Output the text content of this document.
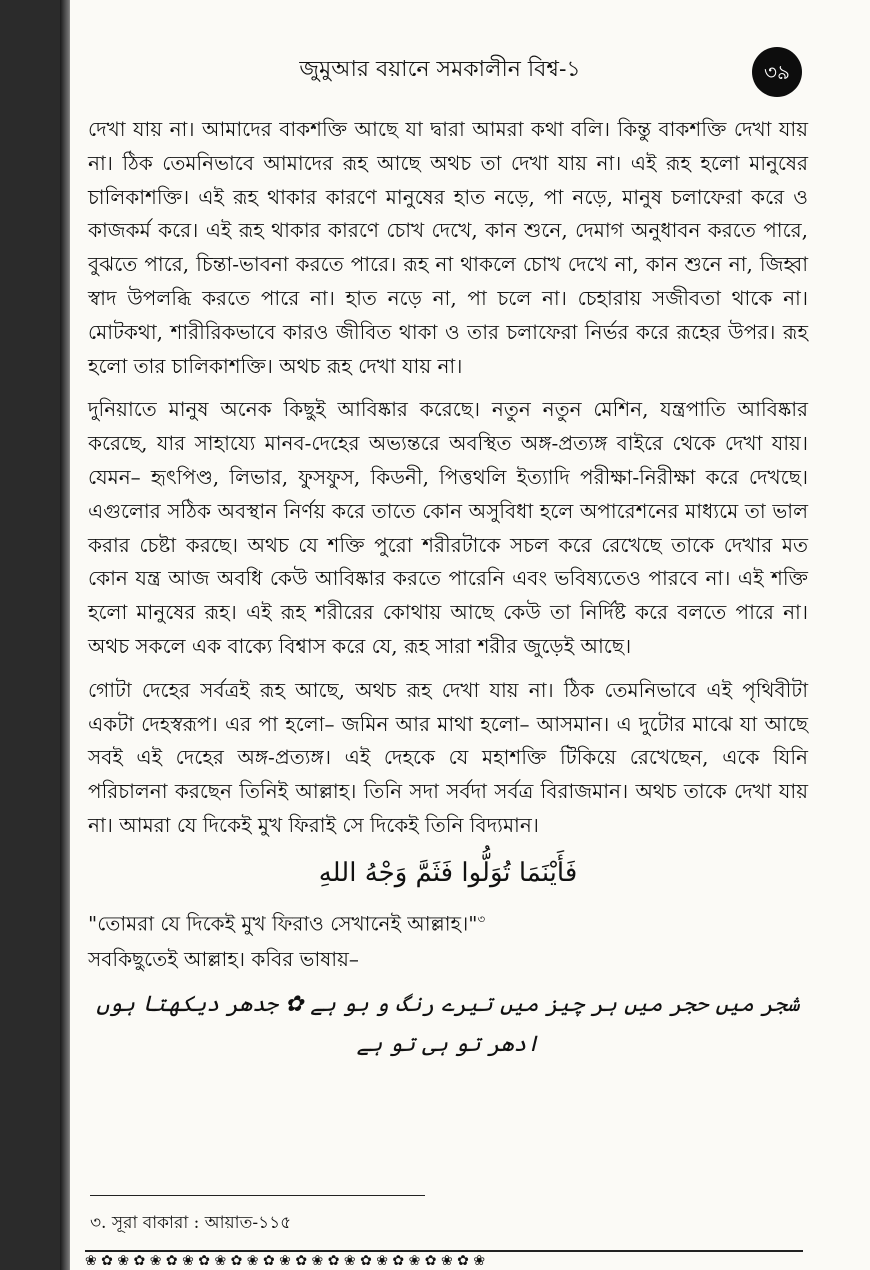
জুমুআর বয়ানে সমকালীন বিশ্ব-১	৩৯

দেখা যায় না। আমাদের বাকশক্তি আছে যা দ্বারা আমরা কথা বলি। কিন্তু বাকশক্তি দেখা যায় না। ঠিক তেমনিভাবে আমাদের রূহ আছে অথচ তা দেখা যায় না। এই রূহ হলো মানুষের চালিকাশক্তি। এই রূহ থাকার কারণে মানুষের হাত নড়ে, পা নড়ে, মানুষ চলাফেরা করে ও কাজকর্ম করে। এই রূহ থাকার কারণে চোখ দেখে, কান শুনে, দেমাগ অনুধাবন করতে পারে, বুঝতে পারে, চিন্তা-ভাবনা করতে পারে। রূহ না থাকলে চোখ দেখে না, কান শুনে না, জিহ্বা স্বাদ উপলব্ধি করতে পারে না। হাত নড়ে না, পা চলে না। চেহারায় সজীবতা থাকে না। মোটকথা, শারীরিকভাবে কারও জীবিত থাকা ও তার চলাফেরা নির্ভর করে রূহের উপর। রূহ হলো তার চালিকাশক্তি। অথচ রূহ দেখা যায় না।

দুনিয়াতে মানুষ অনেক কিছুই আবিষ্কার করেছে। নতুন নতুন মেশিন, যন্ত্রপাতি আবিষ্কার করেছে, যার সাহায্যে মানব-দেহের অভ্যন্তরে অবস্থিত অঙ্গ-প্রত্যঙ্গ বাইরে থেকে দেখা যায়। যেমন– হৃৎপিণ্ড, লিভার, ফুসফুস, কিডনী, পিত্তথলি ইত্যাদি পরীক্ষা-নিরীক্ষা করে দেখছে। এগুলোর সঠিক অবস্থান নির্ণয় করে তাতে কোন অসুবিধা হলে অপারেশনের মাধ্যমে তা ভাল করার চেষ্টা করছে। অথচ যে শক্তি পুরো শরীরটাকে সচল করে রেখেছে তাকে দেখার মত কোন যন্ত্র আজ অবধি কেউ আবিষ্কার করতে পারেনি এবং ভবিষ্যতেও পারবে না। এই শক্তি হলো মানুষের রূহ। এই রূহ শরীরের কোথায় আছে কেউ তা নির্দিষ্ট করে বলতে পারে না। অথচ সকলে এক বাক্যে বিশ্বাস করে যে, রূহ সারা শরীর জুড়েই আছে।

গোটা দেহের সর্বত্রই রূহ আছে, অথচ রূহ দেখা যায় না। ঠিক তেমনিভাবে এই পৃথিবীটা একটা দেহস্বরূপ। এর পা হলো– জমিন আর মাথা হলো– আসমান। এ দুটোর মাঝে যা আছে সবই এই দেহের অঙ্গ-প্রত্যঙ্গ। এই দেহকে যে মহাশক্তি টিকিয়ে রেখেছেন, একে যিনি পরিচালনা করছেন তিনিই আল্লাহ। তিনি সদা সর্বদা সর্বত্র বিরাজমান। অথচ তাকে দেখা যায় না। আমরা যে দিকেই মুখ ফিরাই সে দিকেই তিনি বিদ্যমান।

فَأَيْنَمَا تُوَلُّوا فَثَمَّ وَجْهُ اللهِ

"তোমরা যে দিকেই মুখ ফিরাও সেখানেই আল্লাহ।"$^৩$

সবকিছুতেই আল্লাহ। কবির ভাষায়–

شجر میں حجر میں ہر چیز میں تیرے رنگ و بو ہے ✿ جدھر دیکھتا ہوں ادھر تو ہی تو ہے
৩. সূরা বাকারা : আয়াত-১১৫
❀ ✿ ❀ ✿ ❀ ✿ ❀ ✿ ❀ ✿ ❀ ✿ ❀ ✿ ❀ ✿ ❀ ✿ ❀ ✿ ❀ ✿ ❀ ✿ ❀
